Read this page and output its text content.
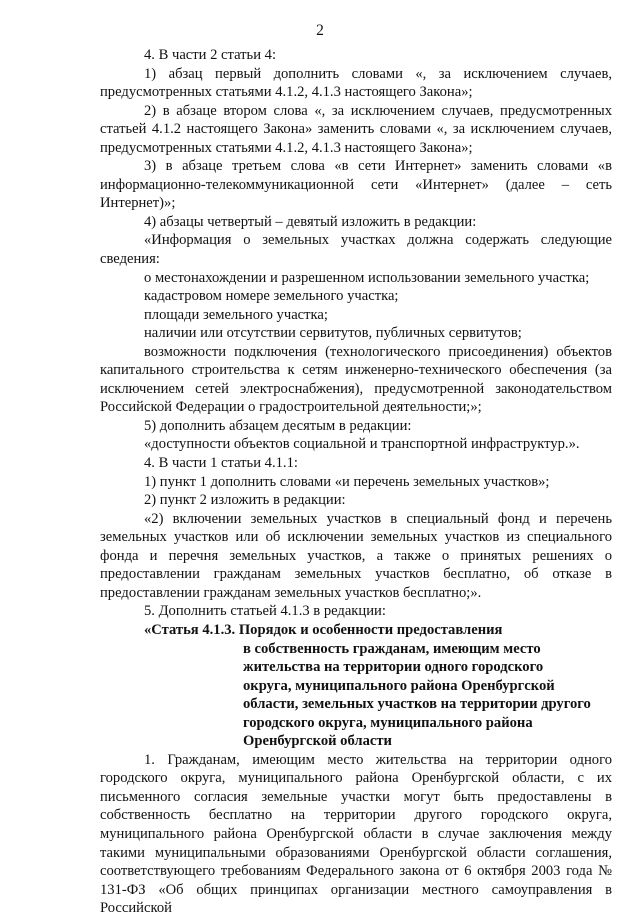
2

4. В части 2 статьи 4:

1) абзац первый дополнить словами «, за исключением случаев, предусмотренных статьями 4.1.2, 4.1.3 настоящего Закона»;

2) в абзаце втором слова «, за исключением случаев, предусмотренных статьей 4.1.2 настоящего Закона» заменить словами «, за исключением случаев, предусмотренных статьями 4.1.2, 4.1.3 настоящего Закона»;

3) в абзаце третьем слова «в сети Интернет» заменить словами «в информационно-телекоммуникационной сети «Интернет» (далее – сеть Интернет)»;

4) абзацы четвертый – девятый изложить в редакции:

«Информация о земельных участках должна содержать следующие сведения:

о местонахождении и разрешенном использовании земельного участка;

кадастровом номере земельного участка;

площади земельного участка;

наличии или отсутствии сервитутов, публичных сервитутов;

возможности подключения (технологического присоединения) объектов капитального строительства к сетям инженерно-технического обеспечения (за исключением сетей электроснабжения), предусмотренной законодательством Российской Федерации о градостроительной деятельности;»;

5) дополнить абзацем десятым в редакции:

«доступности объектов социальной и транспортной инфраструктур.».

4. В части 1 статьи 4.1.1:

1) пункт 1 дополнить словами «и перечень земельных участков»;

2) пункт 2 изложить в редакции:

«2) включении земельных участков в специальный фонд и перечень земельных участков или об исключении земельных участков из специального фонда и перечня земельных участков, а также о принятых решениях о предоставлении гражданам земельных участков бесплатно, об отказе в предоставлении гражданам земельных участков бесплатно;».

5. Дополнить статьей 4.1.3 в редакции:

«Статья 4.1.3. Порядок и особенности предоставления
в собственность гражданам, имеющим место
жительства на территории одного городского
округа, муниципального района Оренбургской
области, земельных участков на территории другого
городского округа, муниципального района
Оренбургской области

1. Гражданам, имеющим место жительства на территории одного городского округа, муниципального района Оренбургской области, с их письменного согласия земельные участки могут быть предоставлены в собственность бесплатно на территории другого городского округа, муниципального района Оренбургской области в случае заключения между такими муниципальными образованиями Оренбургской области соглашения, соответствующего требованиям Федерального закона от 6 октября 2003 года № 131-ФЗ «Об общих принципах организации местного самоуправления в Российской
